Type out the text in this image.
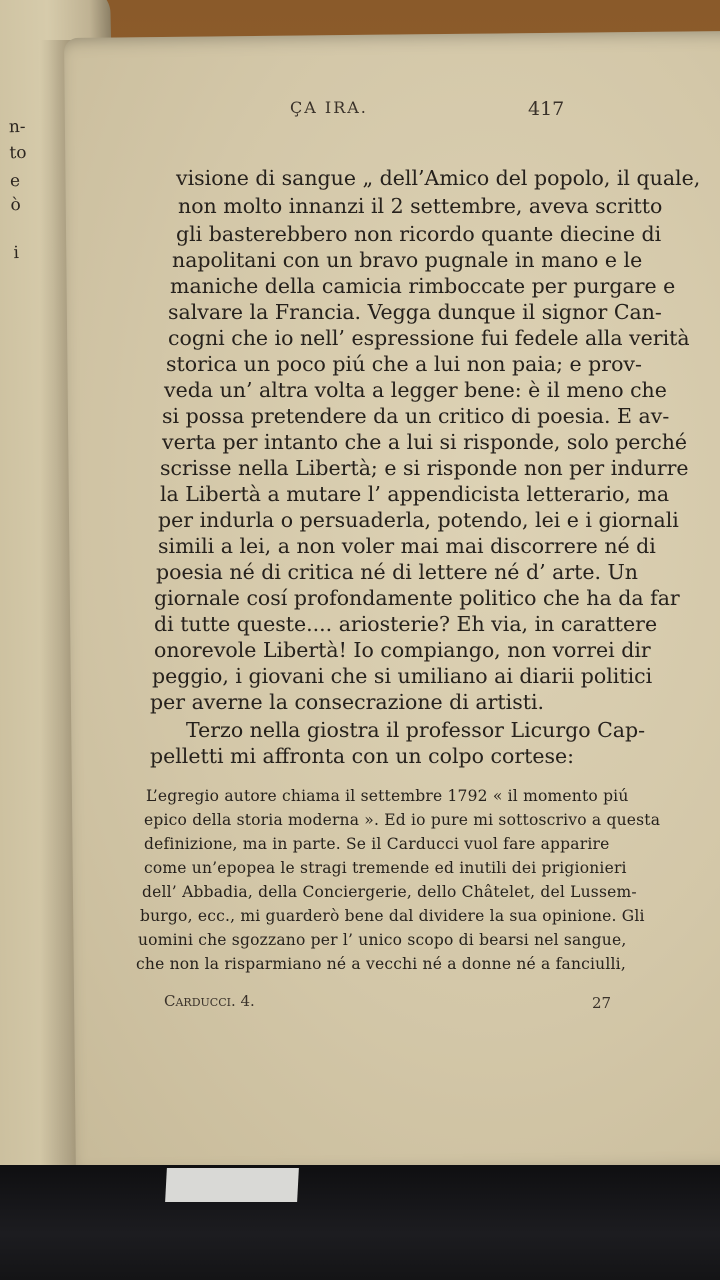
n-
to
e
ò
i
ÇA IRA.	417
visione di sangue „ dell’Amico del popolo, il quale,
non molto innanzi il 2 settembre, aveva scritto
gli basterebbero non ricordo quante diecine di
napolitani con un bravo pugnale in mano e le
maniche della camicia rimboccate per purgare e
salvare la Francia. Vegga dunque il signor Can-
cogni che io nell’ espressione fui fedele alla verità
storica un poco piú che a lui non paia; e prov-
veda un’ altra volta a legger bene: è il meno che
si possa pretendere da un critico di poesia. E av-
verta per intanto che a lui si risponde, solo perché
scrisse nella Libertà; e si risponde non per indurre
la Libertà a mutare l’ appendicista letterario, ma
per indurla o persuaderla, potendo, lei e i giornali
simili a lei, a non voler mai mai discorrere né di
poesia né di critica né di lettere né d’ arte. Un
giornale cosí profondamente politico che ha da far
di tutte queste.... ariosterie? Eh via, in carattere
onorevole Libertà! Io compiango, non vorrei dir
peggio, i giovani che si umiliano ai diarii politici
per averne la consecrazione di artisti.
Terzo nella giostra il professor Licurgo Cap-
pelletti mi affronta con un colpo cortese:
L’egregio autore chiama il settembre 1792 « il momento piú
epico della storia moderna ». Ed io pure mi sottoscrivo a questa
definizione, ma in parte. Se il Carducci vuol fare apparire
come un’epopea le stragi tremende ed inutili dei prigionieri
dell’ Abbadia, della Conciergerie, dello Châtelet, del Lussem-
burgo, ecc., mi guarderò bene dal dividere la sua opinione. Gli
uomini che sgozzano per l’ unico scopo di bearsi nel sangue,
che non la risparmiano né a vecchi né a donne né a fanciulli,
Carducci. 4.	27
